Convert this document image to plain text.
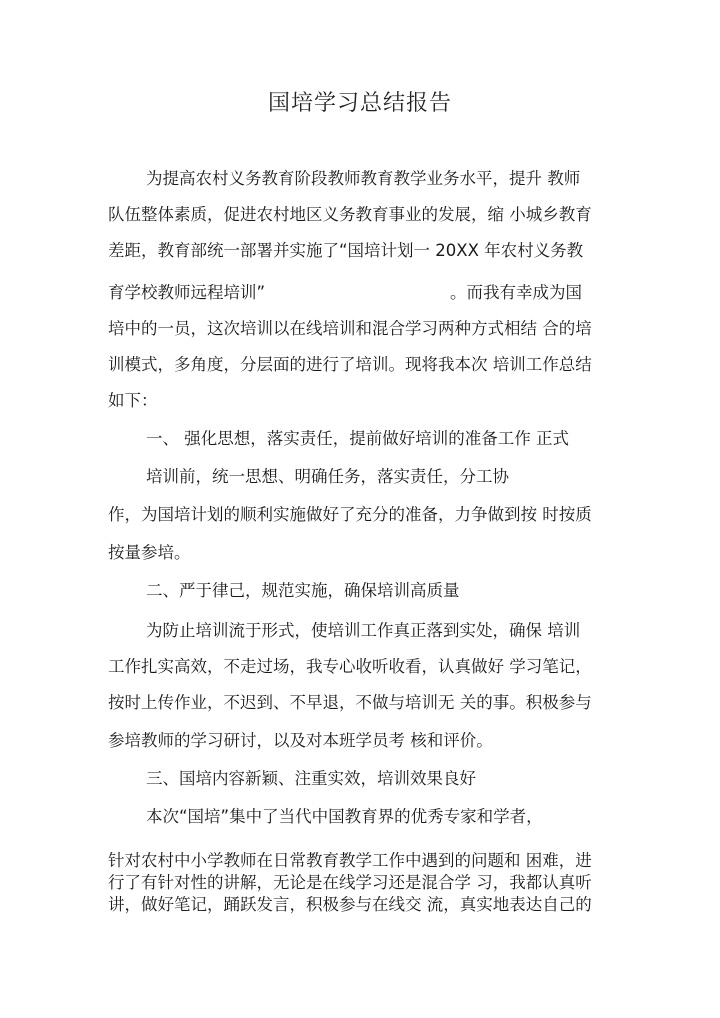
国培学习总结报告
为提高农村义务教育阶段教师教育教学业务水平，提升 教师
队伍整体素质，促进农村地区义务教育事业的发展，缩 小城乡教育
差距，教育部统一部署并实施了“国培计划一 20XX 年农村义务教
育学校教师远程培训”	。而我有幸成为国
培中的一员，这次培训以在线培训和混合学习两种方式相结 合的培
训模式，多角度，分层面的进行了培训。现将我本次 培训工作总结
如下：
一、 强化思想，落实责任，提前做好培训的准备工作 正式
培训前，统一思想、明确任务，落实责任，分工协
作，为国培计划的顺利实施做好了充分的准备，力争做到按 时按质
按量参培。
二、严于律己，规范实施，确保培训高质量
为防止培训流于形式，使培训工作真正落到实处，确保 培训
工作扎实高效，不走过场，我专心收听收看，认真做好 学习笔记，
按时上传作业，不迟到、不早退，不做与培训无 关的事。积极参与
参培教师的学习研讨，以及对本班学员考 核和评价。
三、国培内容新颖、注重实效，培训效果良好
本次“国培”集中了当代中国教育界的优秀专家和学者，
针对农村中小学教师在日常教育教学工作中遇到的问题和 困难，进
行了有针对性的讲解，无论是在线学习还是混合学 习，我都认真听
讲，做好笔记，踊跃发言，积极参与在线交 流，真实地表达自己的
